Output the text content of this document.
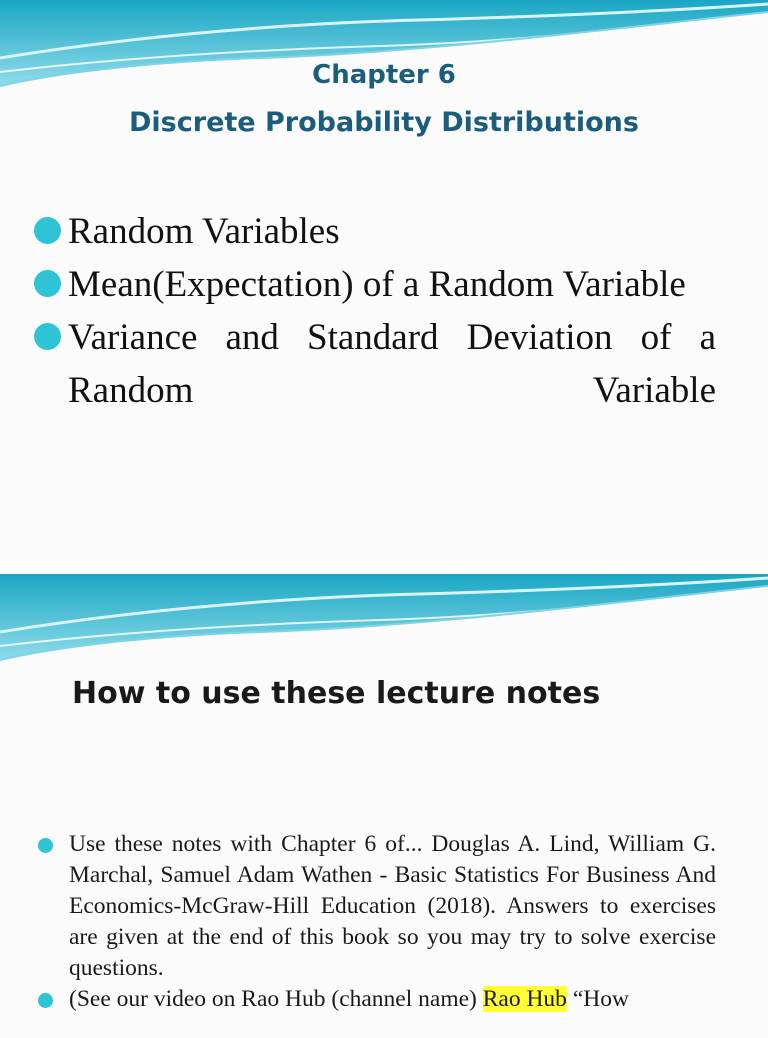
Chapter 6
Discrete Probability Distributions
Random Variables
Mean(Expectation) of a Random Variable
Variance and Standard Deviation of a Random Variable
How to use these lecture notes
Use these notes with Chapter 6 of... Douglas A. Lind, William G. Marchal, Samuel Adam Wathen - Basic Statistics For Business And Economics-McGraw-Hill Education (2018). Answers to exercises are given at the end of this book so you may try to solve exercise questions.
(See our video on Rao Hub (channel name) Rao Hub “How
